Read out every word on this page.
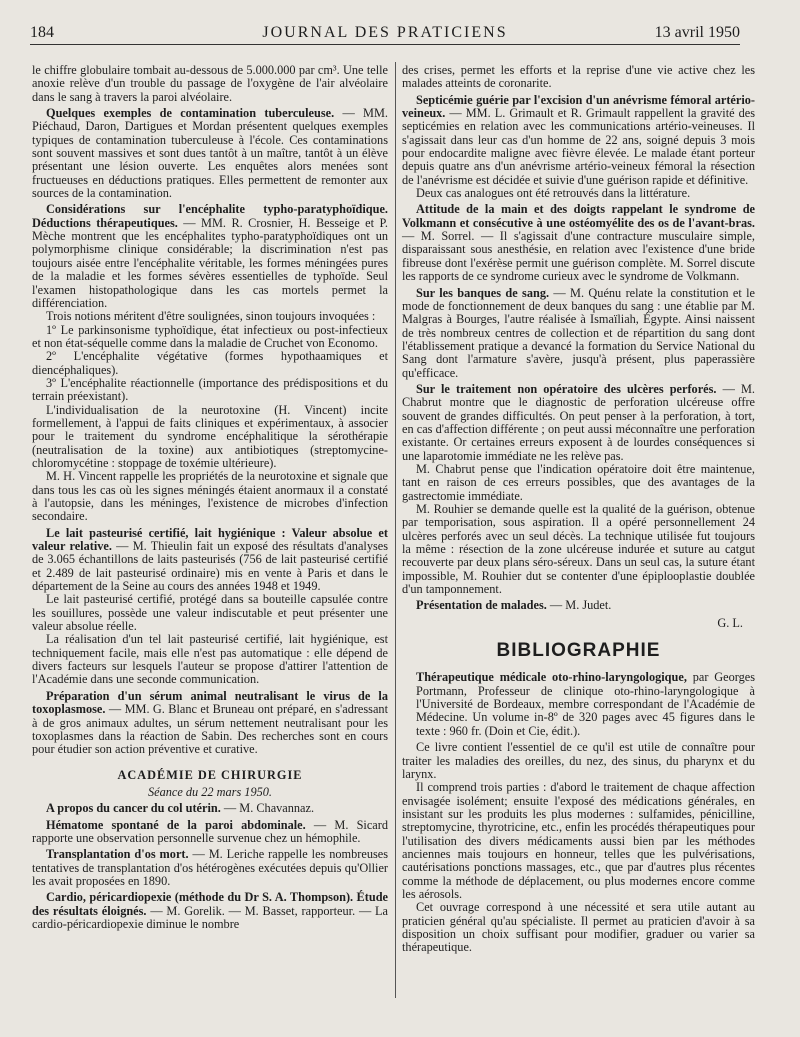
184	JOURNAL DES PRATICIENS	13 avril 1950

le chiffre globulaire tombait au-dessous de 5.000.000 par cm³. Une telle anoxie relève d'un trouble du passage de l'oxygène de l'air alvéolaire dans le sang à travers la paroi alvéolaire.

Quelques exemples de contamination tuberculeuse. — MM. Piéchaud, Daron, Dartigues et Mordan présentent quelques exemples typiques de contamination tuberculeuse à l'école. Ces contaminations sont souvent massives et sont dues tantôt à un maître, tantôt à un élève présentant une lésion ouverte. Les enquêtes alors menées sont fructueuses en déductions pratiques. Elles permettent de remonter aux sources de la contamination.

Considérations sur l'encéphalite typho-paratyphoïdique. Déductions thérapeutiques. — MM. R. Crosnier, H. Besseige et P. Mèche montrent que les encéphalites typho-paratyphoïdiques ont un polymorphisme clinique considérable; la discrimination n'est pas toujours aisée entre l'encéphalite véritable, les formes méningées pures de la maladie et les formes sévères essentielles de typhoïde. Seul l'examen histopathologique dans les cas mortels permet la différenciation.

Trois notions méritent d'être soulignées, sinon toujours invoquées :

1º Le parkinsonisme typhoïdique, état infectieux ou post-infectieux et non état-séquelle comme dans la maladie de Cruchet von Economo.

2º L'encéphalite végétative (formes hypothaamiques et diencéphaliques).

3º L'encéphalite réactionnelle (importance des prédispositions et du terrain préexistant).

L'individualisation de la neurotoxine (H. Vincent) incite formellement, à l'appui de faits cliniques et expérimentaux, à associer pour le traitement du syndrome encéphalitique la sérothérapie (neutralisation de la toxine) aux antibiotiques (streptomycine-chloromycétine : stoppage de toxémie ultérieure).

M. H. Vincent rappelle les propriétés de la neurotoxine et signale que dans tous les cas où les signes méningés étaient anormaux il a constaté à l'autopsie, dans les méninges, l'existence de microbes d'infection secondaire.

Le lait pasteurisé certifié, lait hygiénique : Valeur absolue et valeur relative. — M. Thieulin fait un exposé des résultats d'analyses de 3.065 échantillons de laits pasteurisés (756 de lait pasteurisé certifié et 2.489 de lait pasteurisé ordinaire) mis en vente à Paris et dans le département de la Seine au cours des années 1948 et 1949.

Le lait pasteurisé certifié, protégé dans sa bouteille capsulée contre les souillures, possède une valeur indiscutable et peut présenter une valeur absolue réelle.

La réalisation d'un tel lait pasteurisé certifié, lait hygiénique, est techniquement facile, mais elle n'est pas automatique : elle dépend de divers facteurs sur lesquels l'auteur se propose d'attirer l'attention de l'Académie dans une seconde communication.

Préparation d'un sérum animal neutralisant le virus de la toxoplasmose. — MM. G. Blanc et Bruneau ont préparé, en s'adressant à de gros animaux adultes, un sérum nettement neutralisant pour les toxoplasmes dans la réaction de Sabin. Des recherches sont en cours pour étudier son action préventive et curative.

ACADÉMIE DE CHIRURGIE

Séance du 22 mars 1950.

A propos du cancer du col utérin. — M. Chavannaz.

Hématome spontané de la paroi abdominale. — M. Sicard rapporte une observation personnelle survenue chez un hémophile.

Transplantation d'os mort. — M. Leriche rappelle les nombreuses tentatives de transplantation d'os hétérogènes exécutées depuis qu'Ollier les avait proposées en 1890.

Cardio, péricardiopexie (méthode du Dr S. A. Thompson). Étude des résultats éloignés. — M. Gorelik. — M. Basset, rapporteur. — La cardio-péricardiopexie diminue le nombre

des crises, permet les efforts et la reprise d'une vie active chez les malades atteints de coronarite.

Septicémie guérie par l'excision d'un anévrisme fémoral artério-veineux. — MM. L. Grimault et R. Grimault rappellent la gravité des septicémies en relation avec les communications artério-veineuses. Il s'agissait dans leur cas d'un homme de 22 ans, soigné depuis 3 mois pour endocardite maligne avec fièvre élevée. Le malade étant porteur depuis quatre ans d'un anévrisme artério-veineux fémoral la résection de l'anévrisme est décidée et suivie d'une guérison rapide et définitive.

Deux cas analogues ont été retrouvés dans la littérature.

Attitude de la main et des doigts rappelant le syndrome de Volkmann et consécutive à une ostéomyélite des os de l'avant-bras. — M. Sorrel. — Il s'agissait d'une contracture musculaire simple, disparaissant sous anesthésie, en relation avec l'existence d'une bride fibreuse dont l'exérèse permit une guérison complète. M. Sorrel discute les rapports de ce syndrome curieux avec le syndrome de Volkmann.

Sur les banques de sang. — M. Quénu relate la constitution et le mode de fonctionnement de deux banques du sang : une établie par M. Malgras à Bourges, l'autre réalisée à Ismaïliah, Égypte. Ainsi naissent de très nombreux centres de collection et de répartition du sang dont l'établissement pratique a devancé la formation du Service National du Sang dont l'armature s'avère, jusqu'à présent, plus paperassière qu'efficace.

Sur le traitement non opératoire des ulcères perforés. — M. Chabrut montre que le diagnostic de perforation ulcéreuse offre souvent de grandes difficultés. On peut penser à la perforation, à tort, en cas d'affection différente ; on peut aussi méconnaître une perforation existante. Or certaines erreurs exposent à de lourdes conséquences si une laparotomie immédiate ne les relève pas.

M. Chabrut pense que l'indication opératoire doit être maintenue, tant en raison de ces erreurs possibles, que des avantages de la gastrectomie immédiate.

M. Rouhier se demande quelle est la qualité de la guérison, obtenue par temporisation, sous aspiration. Il a opéré personnellement 24 ulcères perforés avec un seul décès. La technique utilisée fut toujours la même : résection de la zone ulcéreuse indurée et suture au catgut recouverte par deux plans séro-séreux. Dans un seul cas, la suture étant impossible, M. Rouhier dut se contenter d'une épiplooplastie doublée d'un tamponnement.

Présentation de malades. — M. Judet.

G. L.

BIBLIOGRAPHIE

Thérapeutique médicale oto-rhino-laryngologique, par Georges Portmann, Professeur de clinique oto-rhino-laryngologique à l'Université de Bordeaux, membre correspondant de l'Académie de Médecine. Un volume in-8º de 320 pages avec 45 figures dans le texte : 960 fr. (Doin et Cie, édit.).

Ce livre contient l'essentiel de ce qu'il est utile de connaître pour traiter les maladies des oreilles, du nez, des sinus, du pharynx et du larynx.

Il comprend trois parties : d'abord le traitement de chaque affection envisagée isolément; ensuite l'exposé des médications générales, en insistant sur les produits les plus modernes : sulfamides, pénicilline, streptomycine, thyrotricine, etc., enfin les procédés thérapeutiques pour l'utilisation des divers médicaments aussi bien par les méthodes anciennes mais toujours en honneur, telles que les pulvérisations, cautérisations ponctions massages, etc., que par d'autres plus récentes comme la méthode de déplacement, ou plus modernes encore comme les aérosols.

Cet ouvrage correspond à une nécessité et sera utile autant au praticien général qu'au spécialiste. Il permet au praticien d'avoir à sa disposition un choix suffisant pour modifier, graduer ou varier sa thérapeutique.
